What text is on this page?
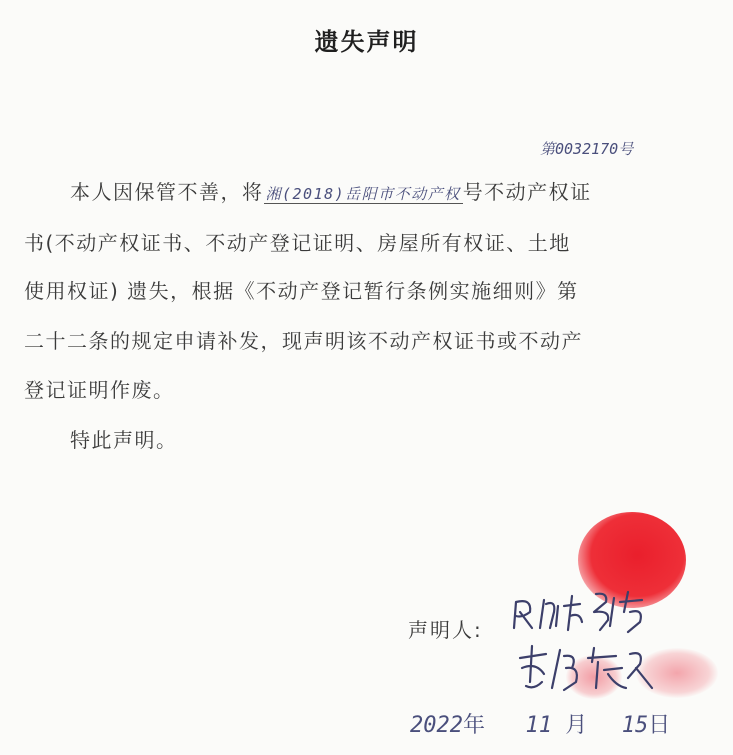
遗失声明
第0032170号
本人因保管不善，将 湘(2018)岳阳市不动产权 号不动产权证
书(不动产权证书、不动产登记证明、房屋所有权证、土地
使用权证) 遗失，根据《不动产登记暂行条例实施细则》第
二十二条的规定申请补发，现声明该不动产权证书或不动产
登记证明作废。
特此声明。
声明人:
2022年 11 月 15日
